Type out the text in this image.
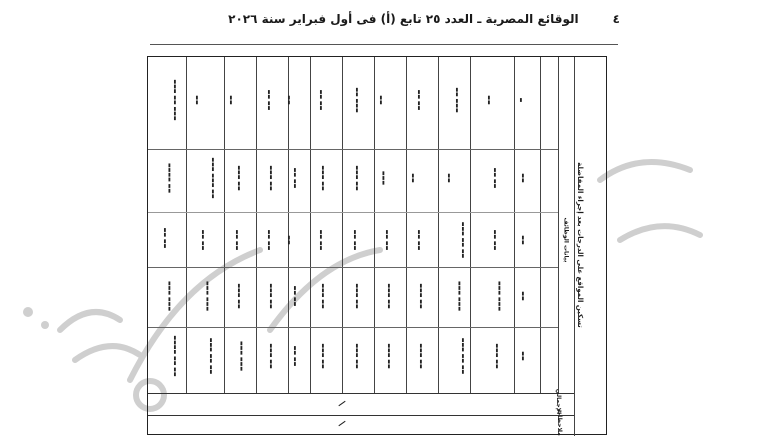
٤
الوقائع المصرية ـ العدد ٢٥ تابع (أ) فى أول فبراير سنة ٢٠٢٦
▬▬▬ ▬▬ ▬▬▬
▬▬▬▬ ▬▬
▬▬ ▬▬
▬▬▬ ▬▬▬
▬▬▬▬ ▬▬ ▬▬
▬▬
▬▬▬ ▬▬▬ ▬▬
▬▬ ▬▬
▬▬▬ ▬▬▬
▬▬▬ ▬▬ ▬▬
▬▬
▬▬▬ ▬▬
▬▬ ▬▬
▬▬▬ ▬▬
▬▬▬ ▬▬▬
▬▬ ▬▬
▬▬▬ ▬▬
▬▬ ▬▬
▬▬▬ ▬▬
▬▬▬ ▬▬
▬▬
▬▬ ▬▬
▬▬
▬▬ ▬▬
▬▬ ▬▬
▬▬ ▬▬
▬▬▬ ▬▬
▬▬ ▬▬
▬▬▬ ▬▬
▬▬▬ ▬▬
▬▬ ▬▬▬
▬▬▬ ▬▬
▬▬ ▬▬
▬▬▬ ▬▬
▬▬▬ ▬▬
▬▬
▬▬▬
▬▬ ▬▬
▬▬▬ ▬▬
▬▬▬ ▬▬
▬▬ ▬▬
▬▬
▬▬ ▬▬
▬▬▬ ▬▬
▬▬▬ ▬▬
▬▬ ▬▬▬
▬▬
▬▬▬ ▬▬ ▬▬
▬▬▬ ▬▬▬
▬▬▬ ▬▬ ▬▬
▬▬
▬▬ ▬▬
▬▬ ▬▬
▬▬▬ ▬▬▬
▬▬▬ ▬▬
▬
▬▬
▬▬
▬▬
▬▬
الإجمالي
ملاحظات
تسكين المواقع على الدرجات بعد إجراء المفاضلة
بيانات الوظائف
